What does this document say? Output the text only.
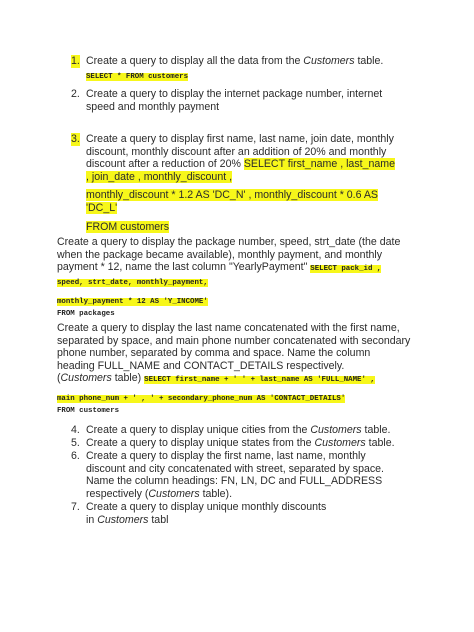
1. Create a query to display all the data from the Customers table.
SELECT * FROM customers
2. Create a query to display the internet package number, internet
speed and monthly payment
3. Create a query to display first name, last name, join date, monthly
discount, monthly discount after an addition of 20% and monthly
discount after a reduction of 20% SELECT first_name , last_name
, join_date , monthly_discount ,
monthly_discount * 1.2 AS 'DC_N' , monthly_discount * 0.6 AS
'DC_L'
FROM customers
Create a query to display the package number, speed, strt_date (the date
when the package became available), monthly payment, and monthly
payment * 12, name the last column "YearlyPayment" SELECT pack_id ,
speed, strt_date, monthly_payment,
monthly_payment * 12 AS 'Y_INCOME'
FROM packages
Create a query to display the last name concatenated with the first name,
separated by space, and main phone number concatenated with secondary
phone number, separated by comma and space. Name the column
heading FULL_NAME and CONTACT_DETAILS respectively.
(Customers table) SELECT first_name + ' ' + last_name AS 'FULL_NAME' ,
main phone_num + ' , ' + secondary_phone_num AS 'CONTACT_DETAILS'
FROM customers
4. Create a query to display unique cities from the Customers table.
5. Create a query to display unique states from the Customers table.
6. Create a query to display the first name, last name, monthly
discount and city concatenated with street, separated by space.
Name the column headings: FN, LN, DC and FULL_ADDRESS
respectively (Customers table).
7. Create a query to display unique monthly discounts
in Customers tabl
